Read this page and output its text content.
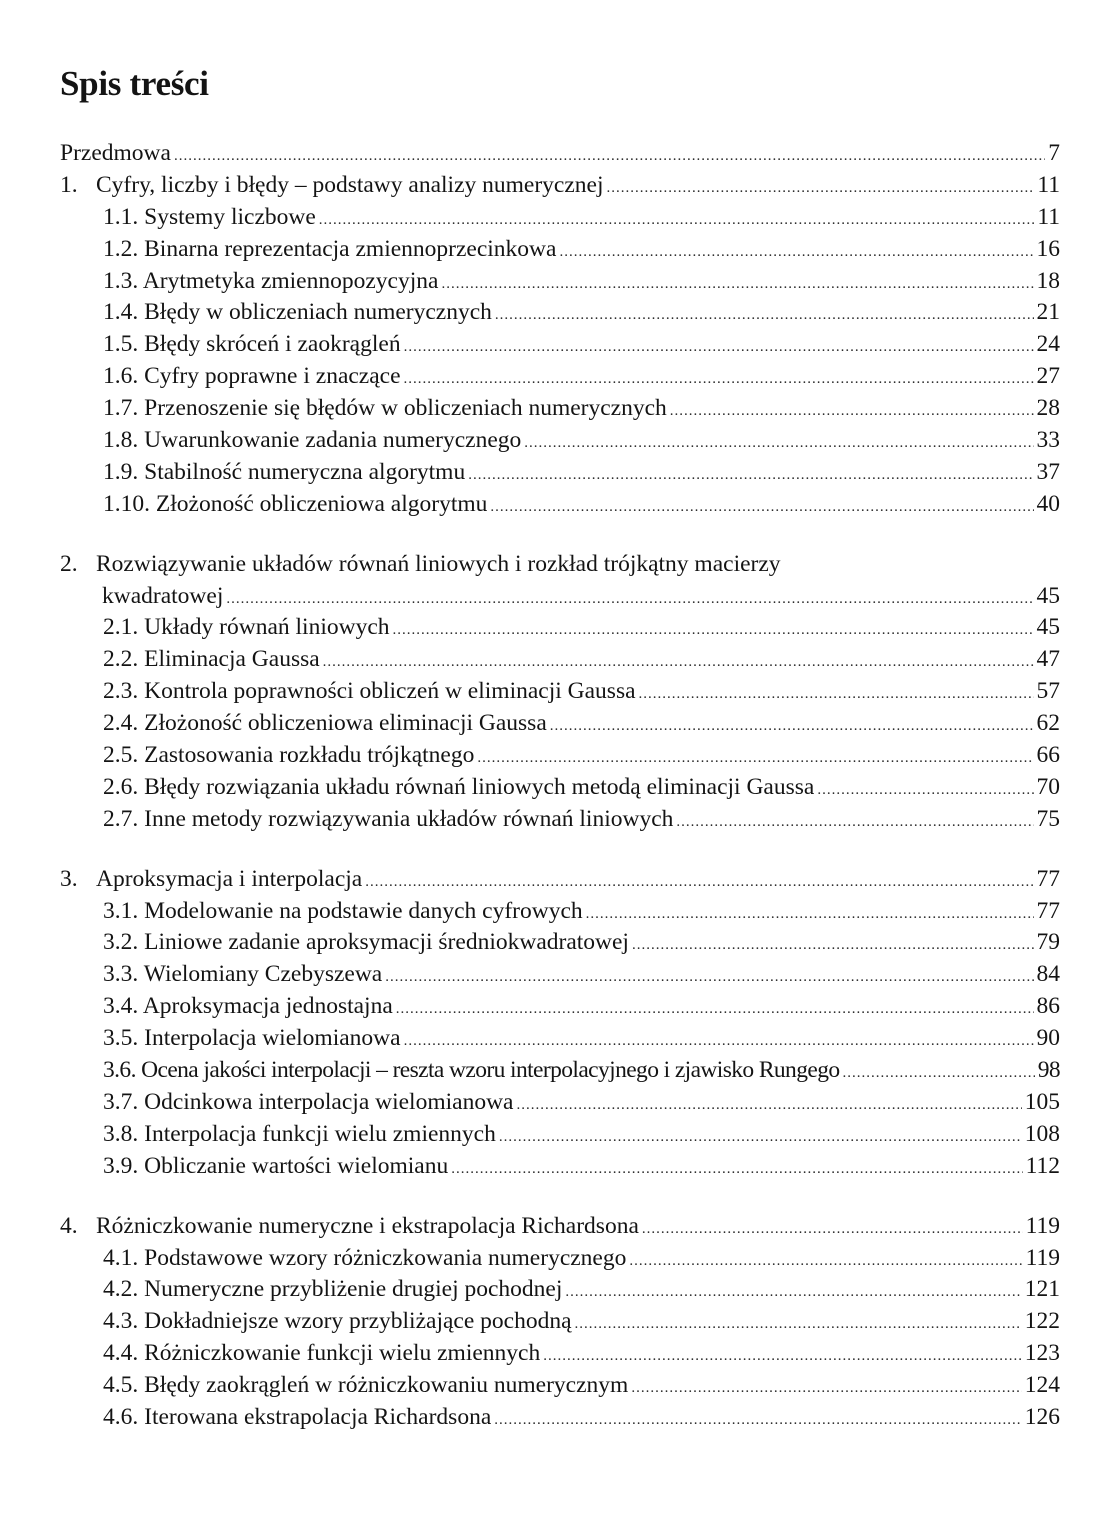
Spis treści
Przedmowa .....	7
1. Cyfry, liczby i błędy – podstawy analizy numerycznej .....	11
1.1. Systemy liczbowe .....	11
1.2. Binarna reprezentacja zmiennoprzecinkowa .....	16
1.3. Arytmetyka zmiennopozycyjna .....	18
1.4. Błędy w obliczeniach numerycznych .....	21
1.5. Błędy skróceń i zaokrągleń .....	24
1.6. Cyfry poprawne i znaczące .....	27
1.7. Przenoszenie się błędów w obliczeniach numerycznych .....	28
1.8. Uwarunkowanie zadania numerycznego .....	33
1.9. Stabilność numeryczna algorytmu .....	37
1.10. Złożoność obliczeniowa algorytmu .....	40
2. Rozwiązywanie układów równań liniowych i rozkład trójkątny macierzy
kwadratowej .....	45
2.1. Układy równań liniowych .....	45
2.2. Eliminacja Gaussa .....	47
2.3. Kontrola poprawności obliczeń w eliminacji Gaussa .....	57
2.4. Złożoność obliczeniowa eliminacji Gaussa .....	62
2.5. Zastosowania rozkładu trójkątnego .....	66
2.6. Błędy rozwiązania układu równań liniowych metodą eliminacji Gaussa .....	70
2.7. Inne metody rozwiązywania układów równań liniowych .....	75
3. Aproksymacja i interpolacja .....	77
3.1. Modelowanie na podstawie danych cyfrowych .....	77
3.2. Liniowe zadanie aproksymacji średniokwadratowej .....	79
3.3. Wielomiany Czebyszewa .....	84
3.4. Aproksymacja jednostajna .....	86
3.5. Interpolacja wielomianowa .....	90
3.6. Ocena jakości interpolacji – reszta wzoru interpolacyjnego i zjawisko Rungego .....	98
3.7. Odcinkowa interpolacja wielomianowa .....	105
3.8. Interpolacja funkcji wielu zmiennych .....	108
3.9. Obliczanie wartości wielomianu .....	112
4. Różniczkowanie numeryczne i ekstrapolacja Richardsona .....	119
4.1. Podstawowe wzory różniczkowania numerycznego .....	119
4.2. Numeryczne przybliżenie drugiej pochodnej .....	121
4.3. Dokładniejsze wzory przybliżające pochodną .....	122
4.4. Różniczkowanie funkcji wielu zmiennych .....	123
4.5. Błędy zaokrągleń w różniczkowaniu numerycznym .....	124
4.6. Iterowana ekstrapolacja Richardsona .....	126
